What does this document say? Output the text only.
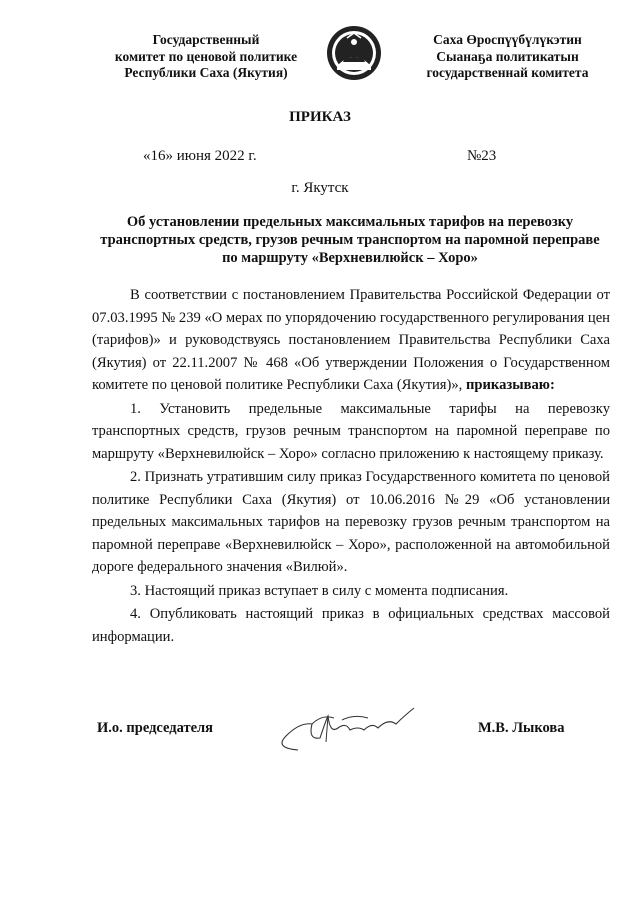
Государственный
комитет по ценовой политике
Республики Саха (Якутия)
Саха Өроспүүбүлүкэтин
Сыанаҕа политикатын
государственнай комитета
ПРИКАЗ
«16» июня 2022 г.	№23
г. Якутск
Об установлении предельных максимальных тарифов на перевозку транспортных средств, грузов речным транспортом на паромной переправе по маршруту «Верхневилюйск – Хоро»

В соответствии с постановлением Правительства Российской Федерации от 07.03.1995 № 239 «О мерах по упорядочению государственного регулирования цен (тарифов)» и руководствуясь постановлением Правительства Республики Саха (Якутия) от 22.11.2007 № 468 «Об утверждении Положения о Государственном комитете по ценовой политике Республики Саха (Якутия)», приказываю:

1. Установить предельные максимальные тарифы на перевозку транспортных средств, грузов речным транспортом на паромной переправе по маршруту «Верхневилюйск – Хоро» согласно приложению к настоящему приказу.

2. Признать утратившим силу приказ Государственного комитета по ценовой политике Республики Саха (Якутия) от 10.06.2016 №29 «Об установлении предельных максимальных тарифов на перевозку грузов речным транспортом на паромной переправе «Верхневилюйск – Хоро», расположенной на автомобильной дороге федерального значения «Вилюй».

3. Настоящий приказ вступает в силу с момента подписания.

4. Опубликовать настоящий приказ в официальных средствах массовой информации.

И.о. председателя	М.В. Лыкова
